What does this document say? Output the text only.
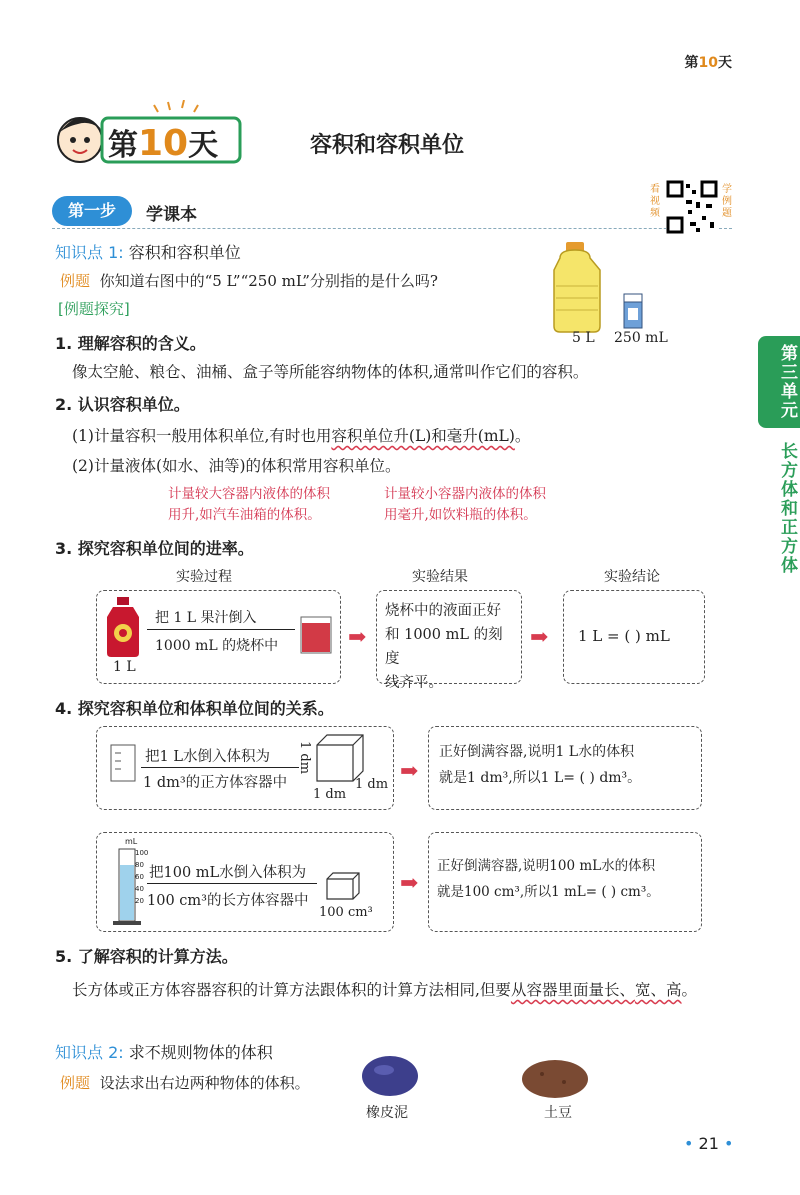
第10天
第10天	容积和容积单位
第一步	学课本
看视频
学例题
第三单元
长方体和正方体
知识点 1: 容积和容积单位
例题 你知道右图中的“5 L”“250 mL”分别指的是什么吗?
[例题探究]
5 L 250 mL
1. 理解容积的含义。
像太空舱、粮仓、油桶、盒子等所能容纳物体的体积,通常叫作它们的容积。
2. 认识容积单位。
(1)计量容积一般用体积单位,有时也用容积单位升(L)和毫升(mL)。
(2)计量液体(如水、油等)的体积常用容积单位。
计量较大容器内液体的体积
用升,如汽车油箱的体积。
计量较小容器内液体的体积
用毫升,如饮料瓶的体积。
3. 探究容积单位间的进率。
实验过程	实验结果	实验结论
1 L
把 1 L 果汁倒入
1000 mL 的烧杯中	➡
烧杯中的液面正好
和 1000 mL 的刻度
线齐平。
➡ 1 L = ( ) mL
4. 探究容积单位和体积单位间的关系。
把1 L水倒入体积为
1 dm³的正方体容器中
1 dm
1 dm
1 dm
➡
正好倒满容器,说明1 L水的体积
就是1 dm³,所以1 L= ( ) dm³。
mL
100
80
60
40
20
把100 mL水倒入体积为
100 cm³的长方体容器中
100 cm³
➡
正好倒满容器,说明100 mL水的体积
就是100 cm³,所以1 mL= ( ) cm³。
5. 了解容积的计算方法。
长方体或正方体容器容积的计算方法跟体积的计算方法相同,但要从容器里面量长、宽、高。
知识点 2: 求不规则物体的体积
例题 设法求出右边两种物体的体积。
橡皮泥	土豆
• 21 •
